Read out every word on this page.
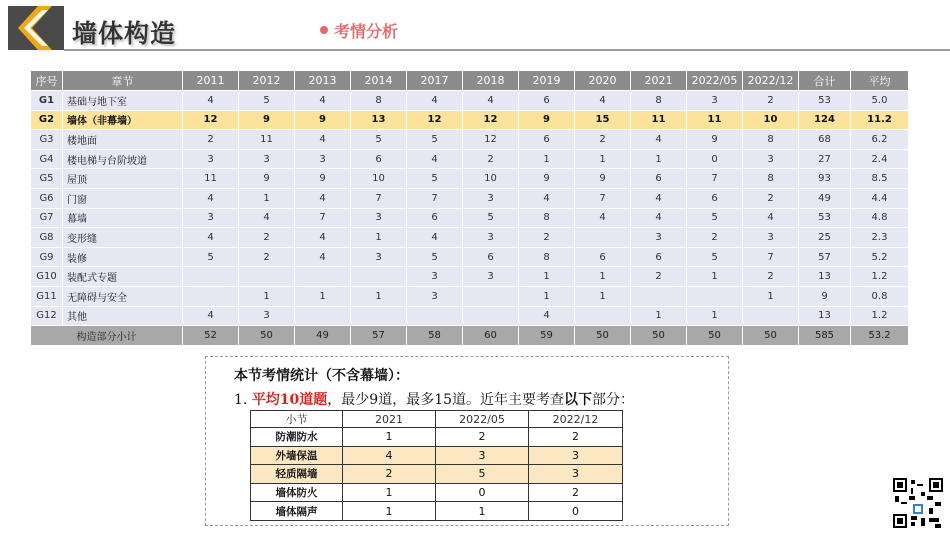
墙体构造	考情分析
序号	章节	2011	2012	2013	2014	2017	2018	2019	2020	2021	2022/05	2022/12	合计	平均
G1	基础与地下室	4	5	4	8	4	4	6	4	8	3	2	53	5.0
G2	墙体（非幕墙）	12	9	9	13	12	12	9	15	11	11	10	124	11.2
G3	楼地面	2	11	4	5	5	12	6	2	4	9	8	68	6.2
G4	楼电梯与台阶坡道	3	3	3	6	4	2	1	1	1	0	3	27	2.4
G5	屋顶	11	9	9	10	5	10	9	9	6	7	8	93	8.5
G6	门窗	4	1	4	7	7	3	4	7	4	6	2	49	4.4
G7	幕墙	3	4	7	3	6	5	8	4	4	5	4	53	4.8
G8	变形缝	4	2	4	1	4	3	2		3	2	3	25	2.3
G9	装修	5	2	4	3	5	6	8	6	6	5	7	57	5.2
G10	装配式专题					3	3	1	1	2	1	2	13	1.2
G11	无障碍与安全		1	1	1	3		1	1			1	9	0.8
G12	其他	4	3					4		1	1		13	1.2
构造部分小计		52	50	49	57	58	60	59	50	50	50	50	585	53.2
本节考情统计（不含幕墙）：
1. 平均10道题，最少9道，最多15道。近年主要考查以下部分：
小节	2021	2022/05	2022/12
防潮防水	1	2	2
外墙保温	4	3	3
轻质隔墙	2	5	3
墙体防火	1	0	2
墙体隔声	1	1	0
